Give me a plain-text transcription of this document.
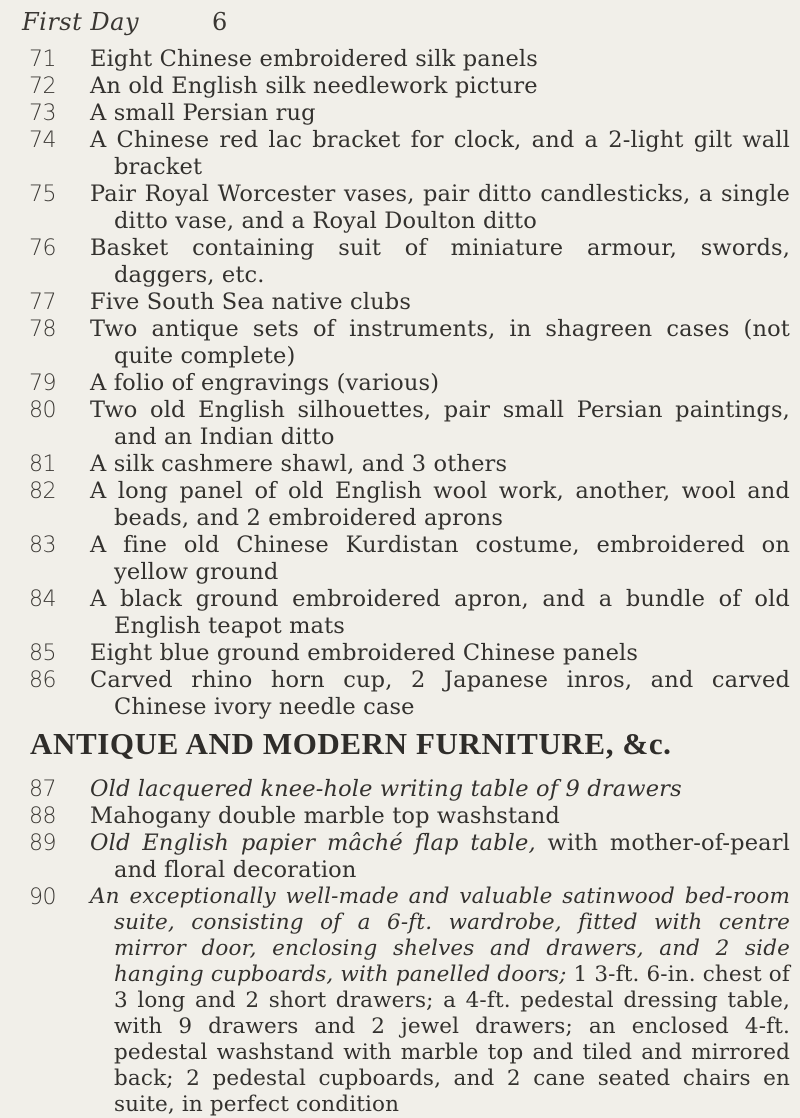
First Day	6
71 Eight Chinese embroidered silk panels
72 An old English silk needlework picture
73 A small Persian rug
74 A Chinese red lac bracket for clock, and a 2-light gilt wall bracket
75 Pair Royal Worcester vases, pair ditto candlesticks, a single ditto vase, and a Royal Doulton ditto
76 Basket containing suit of miniature armour, swords, daggers, etc.
77 Five South Sea native clubs
78 Two antique sets of instruments, in shagreen cases (not quite complete)
79 A folio of engravings (various)
80 Two old English silhouettes, pair small Persian paintings, and an Indian ditto
81 A silk cashmere shawl, and 3 others
82 A long panel of old English wool work, another, wool and beads, and 2 embroidered aprons
83 A fine old Chinese Kurdistan costume, embroidered on yellow ground
84 A black ground embroidered apron, and a bundle of old English teapot mats
85 Eight blue ground embroidered Chinese panels
86 Carved rhino horn cup, 2 Japanese inros, and carved Chinese ivory needle case
ANTIQUE AND MODERN FURNITURE, &c.
87 Old lacquered knee-hole writing table of 9 drawers
88 Mahogany double marble top washstand
89 Old English papier mâché flap table, with mother-of-pearl and floral decoration
90 An exceptionally well-made and valuable satinwood bed-room suite, consisting of a 6-ft. wardrobe, fitted with centre mirror door, enclosing shelves and drawers, and 2 side hanging cupboards, with panelled doors; 1 3-ft. 6-in. chest of 3 long and 2 short drawers; a 4-ft. pedestal dressing table, with 9 drawers and 2 jewel drawers; an enclosed 4-ft. pedestal washstand with marble top and tiled and mirrored back; 2 pedestal cupboards, and 2 cane seated chairs en suite, in perfect condition
